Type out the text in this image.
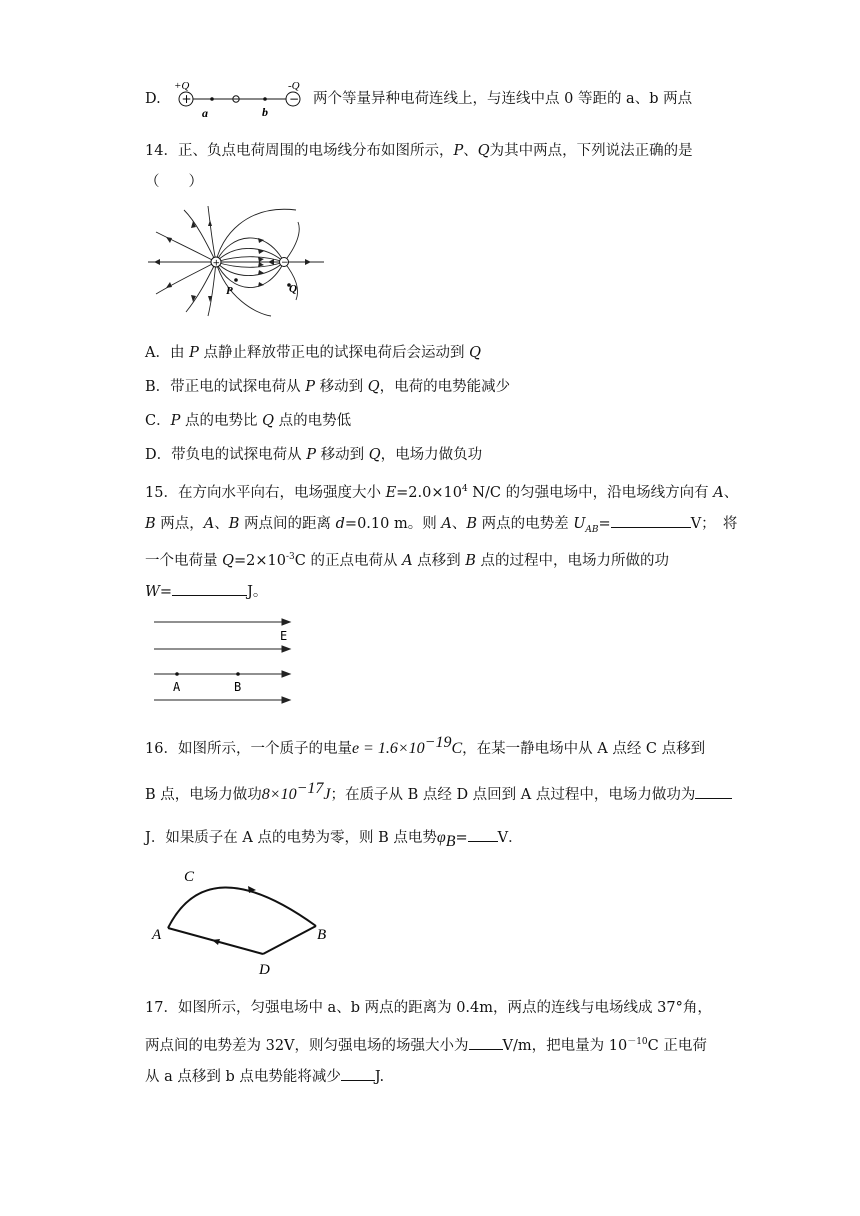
D.
+Q
+
a	b
-Q
− 两个等量异种电荷连线上，与连线中点 0 等距的 a、b 两点
14．正、负点电荷周围的电场线分布如图所示，P、Q为其中两点，下列说法正确的是
（　　）
+	−
P	Q
A．由 P 点静止释放带正电的试探电荷后会运动到 Q
B．带正电的试探电荷从 P 移动到 Q，电荷的电势能减少
C．P 点的电势比 Q 点的电势低
D．带负电的试探电荷从 P 移动到 Q，电场力做负功
15．在方向水平向右，电场强度大小 $E=2.0\times 10^4$ N/C 的匀强电场中，沿电场线方向有 A、
B 两点，A、B 两点间的距离 d=0.10 m。则 A、B 两点的电势差 $U_{AB}=$	V；　将
一个电荷量 $Q=2\times 10^{-3}C$ 的正点电荷从 A 点移到 B 点的过程中，电场力所做的功
W=	J。
E
A	B
16．如图所示，一个质子的电量$e = 1.6\times 10^{-19}C$，在某一静电场中从 A 点经 C 点移到
B 点，电场力做功$8\times 10^{-17}J$；在质子从 B 点经 D 点回到 A 点过程中，电场力做功为
J．如果质子在 A 点的电势为零，则 B 点电势$\varphi_B= V$．
C
A	B
D
17．如图所示，匀强电场中 a、b 两点的距离为 0.4m，两点的连线与电场线成 37°角，
两点间的电势差为 32V，则匀强电场的场强大小为 V/m，把电量为 $10^{-10}C$ 正电荷
从 a 点移到 b 点电势能将减少 J.
